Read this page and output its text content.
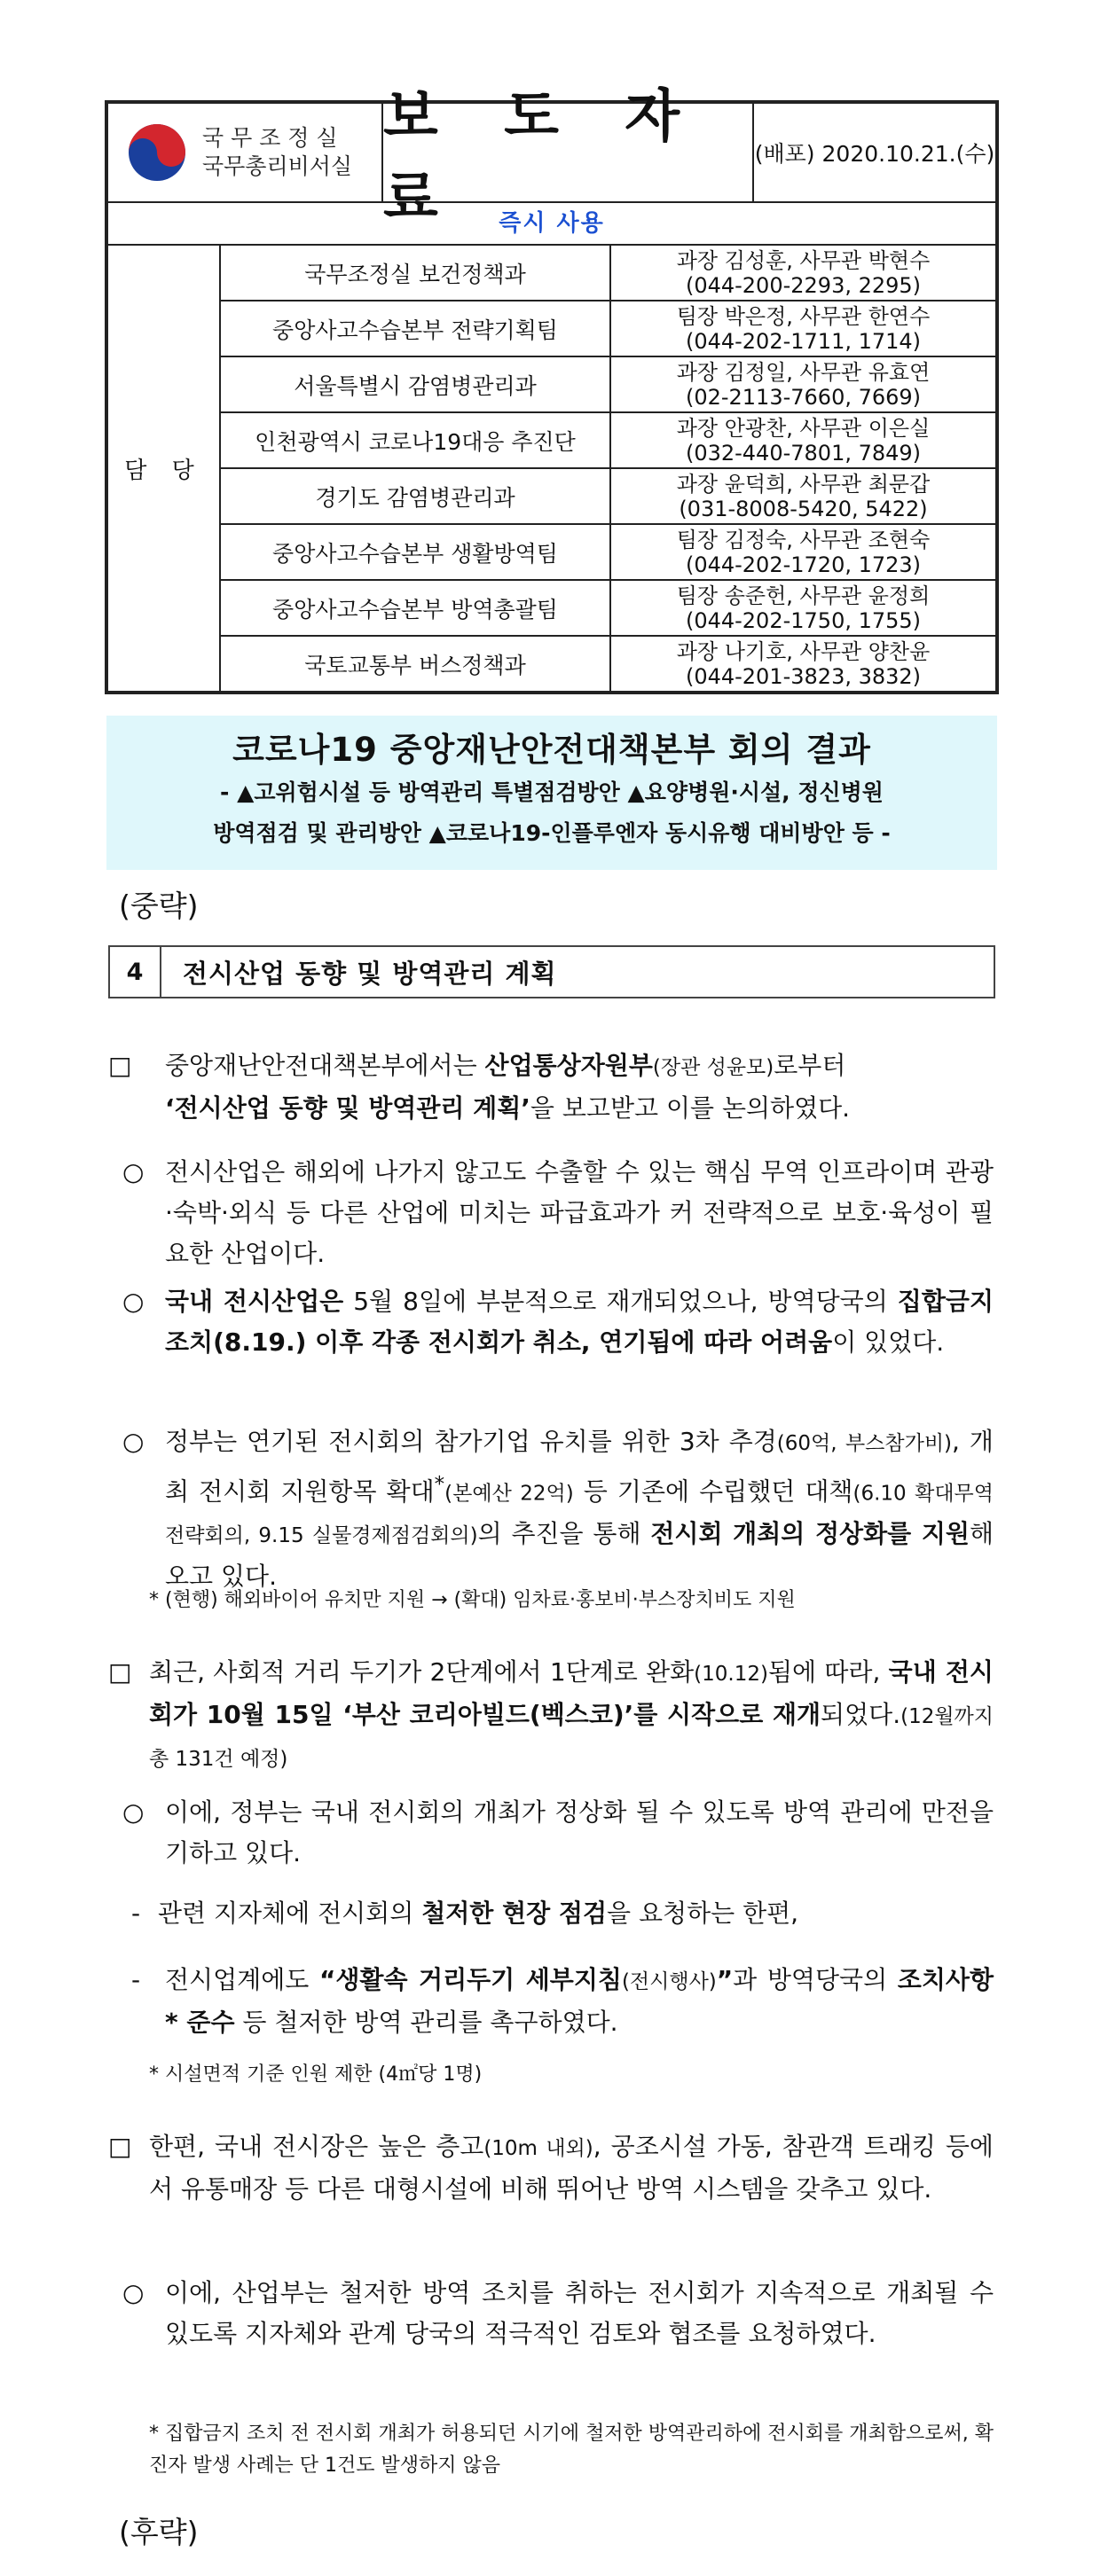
국 무 조 정 실
국무총리비서실
보 도 자 료
(배포) 2020.10.21.(수)
즉시 사용
담 당
국무조정실 보건정책과
과장 김성훈, 사무관 박현수
(044-200-2293, 2295)
중앙사고수습본부 전략기획팀
팀장 박은정, 사무관 한연수
(044-202-1711, 1714)
서울특별시 감염병관리과
과장 김정일, 사무관 유효연
(02-2113-7660, 7669)
인천광역시 코로나19대응 추진단
과장 안광찬, 사무관 이은실
(032-440-7801, 7849)
경기도 감염병관리과
과장 윤덕희, 사무관 최문갑
(031-8008-5420, 5422)
중앙사고수습본부 생활방역팀
팀장 김정숙, 사무관 조현숙
(044-202-1720, 1723)
중앙사고수습본부 방역총괄팀
팀장 송준헌, 사무관 윤정희
(044-202-1750, 1755)
국토교통부 버스정책과
과장 나기호, 사무관 양찬윤
(044-201-3823, 3832)
코로나19 중앙재난안전대책본부 회의 결과
- ▲고위험시설 등 방역관리 특별점검방안 ▲요양병원·시설, 정신병원
방역점검 및 관리방안 ▲코로나19-인플루엔자 동시유행 대비방안 등 -
(중략)
4	전시산업 동향 및 방역관리 계획
□ 중앙재난안전대책본부에서는 산업통상자원부(장관 성윤모)로부터
‘전시산업 동향 및 방역관리 계획’을 보고받고 이를 논의하였다.
○ 전시산업은 해외에 나가지 않고도 수출할 수 있는 핵심 무역 인프라이며 관광·숙박·외식 등 다른 산업에 미치는 파급효과가 커 전략적으로 보호·육성이 필요한 산업이다.
○ 국내 전시산업은 5월 8일에 부분적으로 재개되었으나, 방역당국의 집합금지 조치(8.19.) 이후 각종 전시회가 취소, 연기됨에 따라 어려움이 있었다.
○ 정부는 연기된 전시회의 참가기업 유치를 위한 3차 추경(60억, 부스참가비), 개최 전시회 지원항목 확대*(본예산 22억) 등 기존에 수립했던 대책(6.10 확대무역전략회의, 9.15 실물경제점검회의)의 추진을 통해 전시회 개최의 정상화를 지원해오고 있다.
* (현행) 해외바이어 유치만 지원 → (확대) 임차료·홍보비·부스장치비도 지원
□ 최근, 사회적 거리 두기가 2단계에서 1단계로 완화(10.12)됨에 따라, 국내 전시회가 10월 15일 ‘부산 코리아빌드(벡스코)’를 시작으로 재개되었다.(12월까지 총 131건 예정)
○ 이에, 정부는 국내 전시회의 개최가 정상화 될 수 있도록 방역 관리에 만전을 기하고 있다.
- 관련 지자체에 전시회의 철저한 현장 점검을 요청하는 한편,
- 전시업계에도 “생활속 거리두기 세부지침(전시행사)”과 방역당국의 조치사항* 준수 등 철저한 방역 관리를 촉구하였다.
* 시설면적 기준 인원 제한 (4㎡당 1명)
□ 한편, 국내 전시장은 높은 층고(10m 내외), 공조시설 가동, 참관객 트래킹 등에서 유통매장 등 다른 대형시설에 비해 뛰어난 방역 시스템을 갖추고 있다.
○ 이에, 산업부는 철저한 방역 조치를 취하는 전시회가 지속적으로 개최될 수 있도록 지자체와 관계 당국의 적극적인 검토와 협조를 요청하였다.
* 집합금지 조치 전 전시회 개최가 허용되던 시기에 철저한 방역관리하에 전시회를 개최함으로써, 확진자 발생 사례는 단 1건도 발생하지 않음
(후략)
